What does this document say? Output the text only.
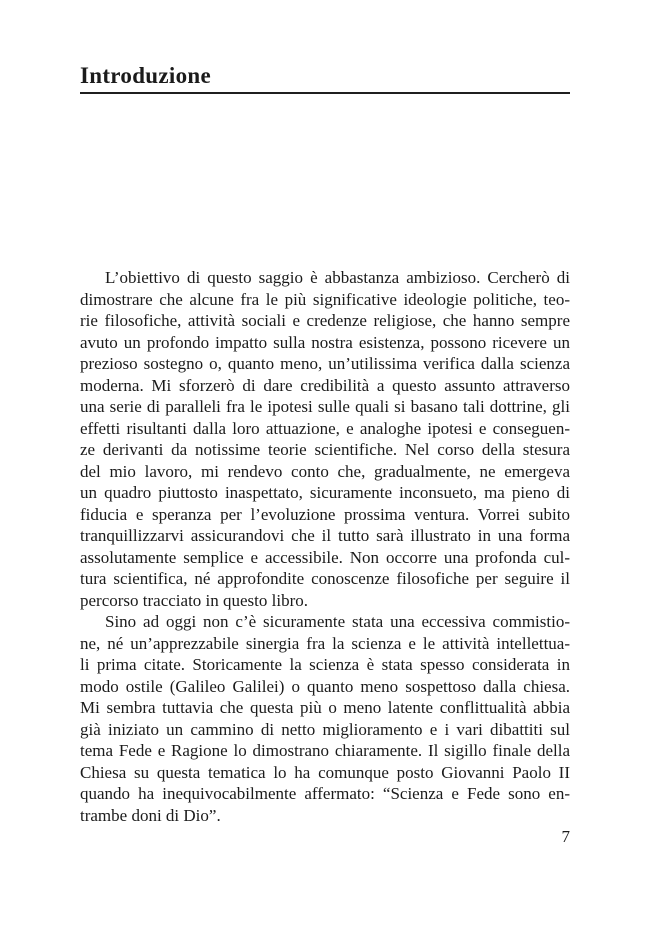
Introduzione
L’obiettivo di questo saggio è abbastanza ambizioso. Cercherò di
dimostrare che alcune fra le più significative ideologie politiche, teo-
rie filosofiche, attività sociali e credenze religiose, che hanno sempre
avuto un profondo impatto sulla nostra esistenza, possono ricevere un
prezioso sostegno o, quanto meno, un’utilissima verifica dalla scienza
moderna. Mi sforzerò di dare credibilità a questo assunto attraverso
una serie di paralleli fra le ipotesi sulle quali si basano tali dottrine, gli
effetti risultanti dalla loro attuazione, e analoghe ipotesi e conseguen-
ze derivanti da notissime teorie scientifiche. Nel corso della stesura
del mio lavoro, mi rendevo conto che, gradualmente, ne emergeva
un quadro piuttosto inaspettato, sicuramente inconsueto, ma pieno di
fiducia e speranza per l’evoluzione prossima ventura. Vorrei subito
tranquillizzarvi assicurandovi che il tutto sarà illustrato in una forma
assolutamente semplice e accessibile. Non occorre una profonda cul-
tura scientifica, né approfondite conoscenze filosofiche per seguire il
percorso tracciato in questo libro.
Sino ad oggi non c’è sicuramente stata una eccessiva commistio-
ne, né un’apprezzabile sinergia fra la scienza e le attività intellettua-
li prima citate. Storicamente la scienza è stata spesso considerata in
modo ostile (Galileo Galilei) o quanto meno sospettoso dalla chiesa.
Mi sembra tuttavia che questa più o meno latente conflittualità abbia
già iniziato un cammino di netto miglioramento e i vari dibattiti sul
tema Fede e Ragione lo dimostrano chiaramente. Il sigillo finale della
Chiesa su questa tematica lo ha comunque posto Giovanni Paolo II
quando ha inequivocabilmente affermato: “Scienza e Fede sono en-
trambe doni di Dio”.
7
